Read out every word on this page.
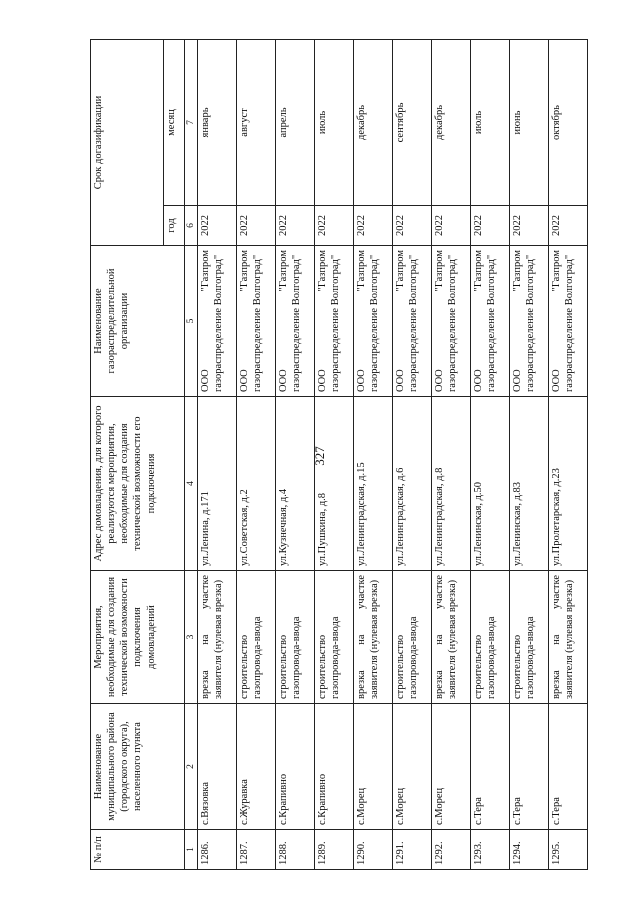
327
№ п/п	Наименование муниципального района (городского округа), населенного пункта	Мероприятия, необходимые для создания технической возможности подключения домовладений	Адрес домовладения, для которого реализуются мероприятия, необходимые для создания технической возможности его подключения	Наименование газораспределительной организации	Срок догазификации	
					год	месяц
1	2	3	4	5	6	7
1286.	с.Вязовка	врезка на участке заявителя (нулевая врезка)	ул.Ленина, д.171	ООО "Газпром газораспределение Волгоград"	2022	январь
1287.	с.Журавка	строительство газопровода-ввода	ул.Советская, д.2	ООО "Газпром газораспределение Волгоград"	2022	август
1288.	с.Крапивно	строительство газопровода-ввода	ул.Кузнечная, д.4	ООО "Газпром газораспределение Волгоград"	2022	апрель
1289.	с.Крапивно	строительство газопровода-ввода	ул.Пушкина, д.8	ООО "Газпром газораспределение Волгоград"	2022	июль
1290.	с.Морец	врезка на участке заявителя (нулевая врезка)	ул.Ленинградская, д.15	ООО "Газпром газораспределение Волгоград"	2022	декабрь
1291.	с.Морец	строительство газопровода-ввода	ул.Ленинградская, д.6	ООО "Газпром газораспределение Волгоград"	2022	сентябрь
1292.	с.Морец	врезка на участке заявителя (нулевая врезка)	ул.Ленинградская, д.8	ООО "Газпром газораспределение Волгоград"	2022	декабрь
1293.	с.Тера	строительство газопровода-ввода	ул.Ленинская, д.50	ООО "Газпром газораспределение Волгоград"	2022	июль
1294.	с.Тера	строительство газопровода-ввода	ул.Ленинская, д.83	ООО "Газпром газораспределение Волгоград"	2022	июнь
1295.	с.Тера	врезка на участке заявителя (нулевая врезка)	ул.Пролетарская, д.23	ООО "Газпром газораспределение Волгоград"	2022	октябрь
